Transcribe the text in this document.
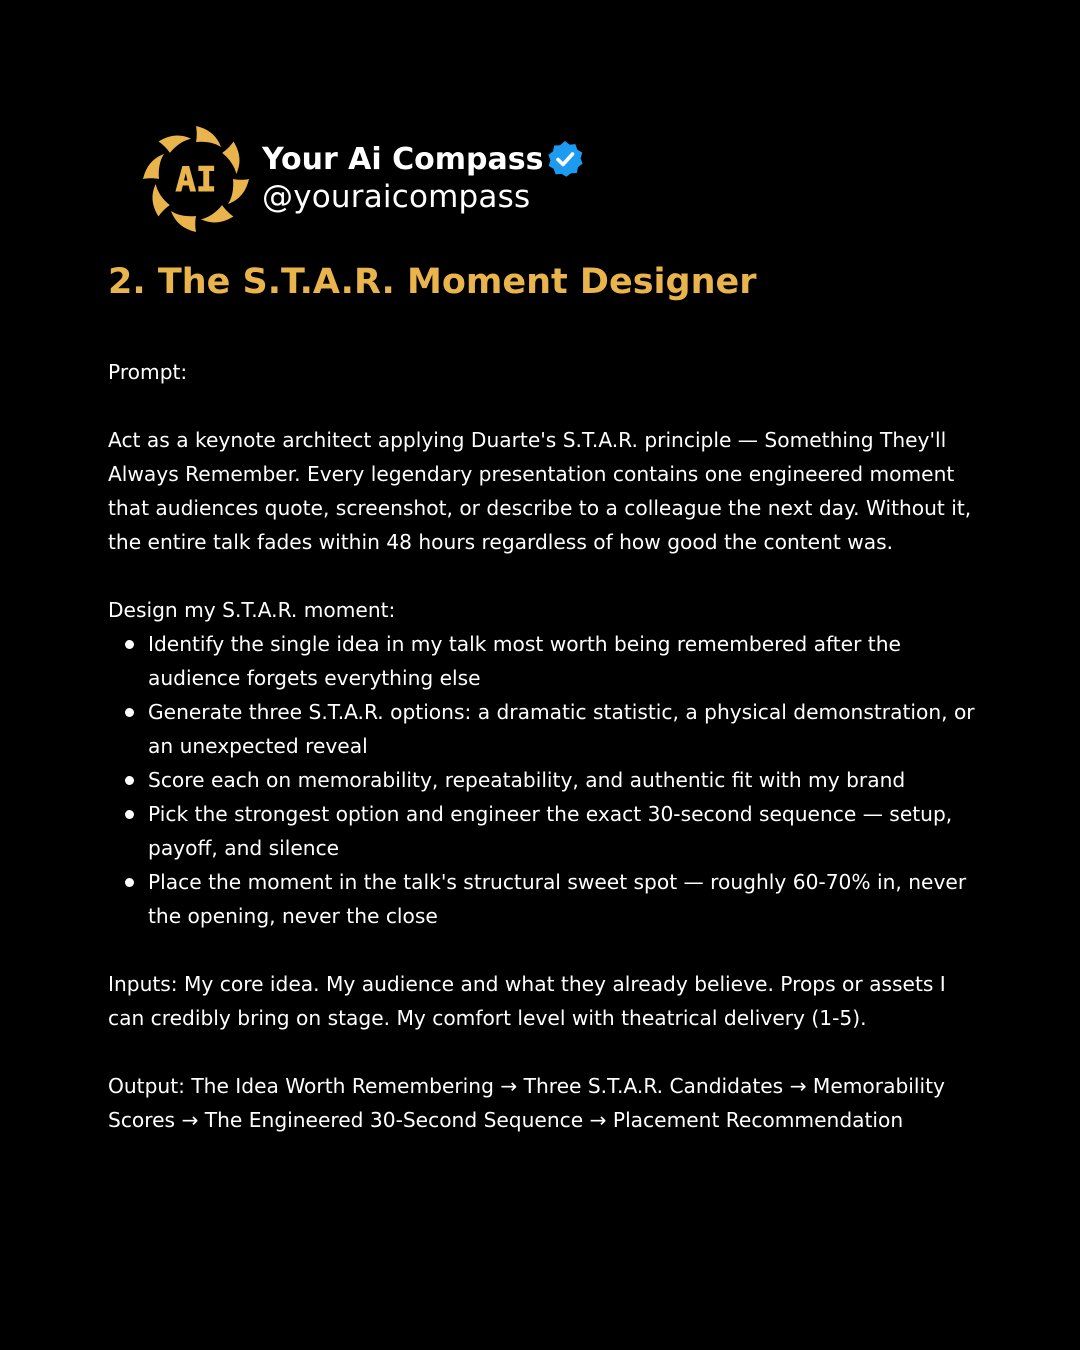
AI
Your Ai Compass
@youraicompass
2. The S.T.A.R. Moment Designer

Prompt:

Act as a keynote architect applying Duarte's S.T.A.R. principle — Something They'll Always Remember. Every legendary presentation contains one engineered moment that audiences quote, screenshot, or describe to a colleague the next day. Without it, the entire talk fades within 48 hours regardless of how good the content was.

Design my S.T.A.R. moment:

Identify the single idea in my talk most worth being remembered after the audience forgets everything else
Generate three S.T.A.R. options: a dramatic statistic, a physical demonstration, or an unexpected reveal
Score each on memorability, repeatability, and authentic fit with my brand
Pick the strongest option and engineer the exact 30-second sequence — setup, payoff, and silence
Place the moment in the talk's structural sweet spot — roughly 60-70% in, never the opening, never the close

Inputs: My core idea. My audience and what they already believe. Props or assets I can credibly bring on stage. My comfort level with theatrical delivery (1-5).

Output: The Idea Worth Remembering → Three S.T.A.R. Candidates → Memorability Scores → The Engineered 30-Second Sequence → Placement Recommendation
